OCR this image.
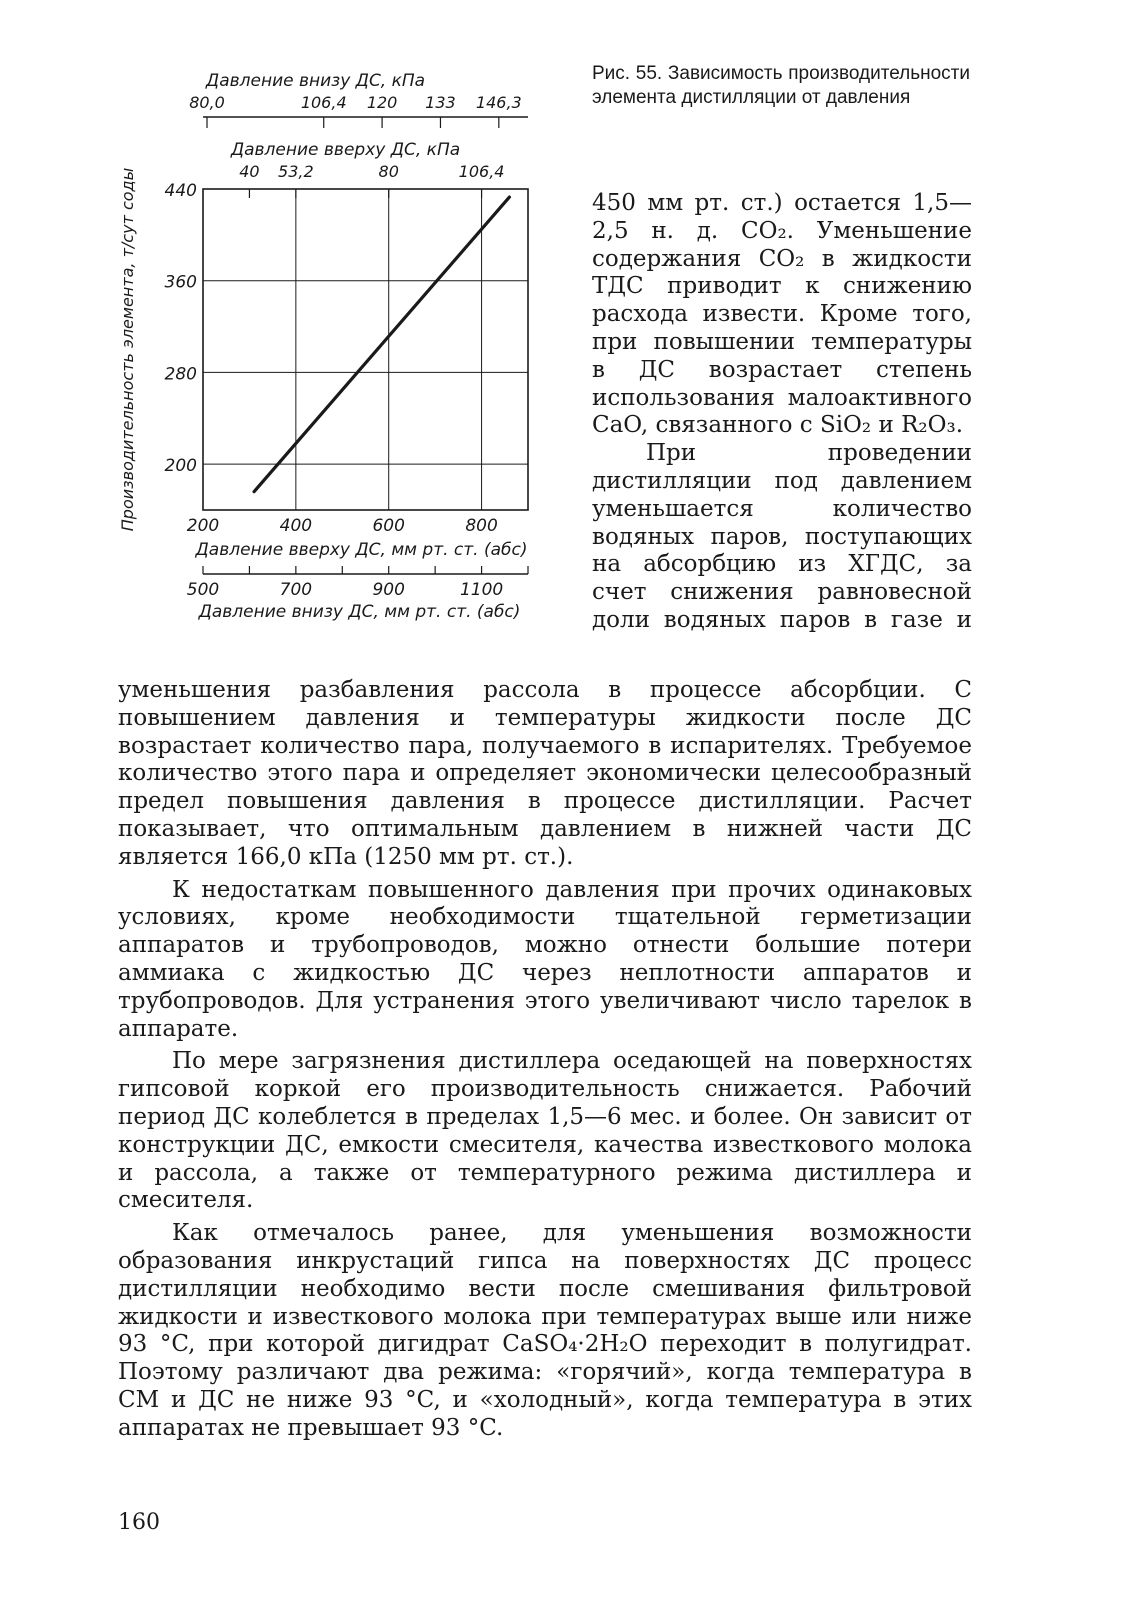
200
280
360
440
200	400	600	800
Производительность элемента, т/сут соды
Давление вверху ДС, мм рт. ст. (абс)
500	700	900	1100
Давление внизу ДС, мм рт. ст. (абс)
40 53,2	80	106,4
Давление вверху ДС, кПа
80,0	106,4 120 133 146,3
Давление внизу ДС, кПа	Рис. 55. Зависимость производительности элемента дистилляции от давления

450 мм рт. ст.) остается 1,5—2,5 н. д. CO₂. Уменьшение содержания CO₂ в жидкости ТДС приводит к снижению расхода извести. Кроме того, при повышении температуры в ДС возрастает степень использования малоактивного CaO, связанного с SiO₂ и R₂O₃.

При проведении дистилляции под давлением уменьшается количество водяных паров, поступающих на абсорбцию из ХГДС, за счет снижения равновесной доли водяных паров в газе и

уменьшения разбавления рассола в процессе абсорбции. С повышением давления и температуры жидкости после ДС возрастает количество пара, получаемого в испарителях. Требуемое количество этого пара и определяет экономически целесообразный предел повышения давления в процессе дистилляции. Расчет показывает, что оптимальным давлением в нижней части ДС является 166,0 кПа (1250 мм рт. ст.).

К недостаткам повышенного давления при прочих одинаковых условиях, кроме необходимости тщательной герметизации аппаратов и трубопроводов, можно отнести большие потери аммиака с жидкостью ДС через неплотности аппаратов и трубопроводов. Для устранения этого увеличивают число тарелок в аппарате.

По мере загрязнения дистиллера оседающей на поверхностях гипсовой коркой его производительность снижается. Рабочий период ДС колеблется в пределах 1,5—6 мес. и более. Он зависит от конструкции ДС, емкости смесителя, качества известкового молока и рассола, а также от температурного режима дистиллера и смесителя.

Как отмечалось ранее, для уменьшения возможности образования инкрустаций гипса на поверхностях ДС процесс дистилляции необходимо вести после смешивания фильтровой жидкости и известкового молока при температурах выше или ниже 93 °C, при которой дигидрат CaSO₄·2H₂O переходит в полугидрат. Поэтому различают два режима: «горячий», когда температура в СМ и ДС не ниже 93 °C, и «холодный», когда температура в этих аппаратах не превышает 93 °C.

160
